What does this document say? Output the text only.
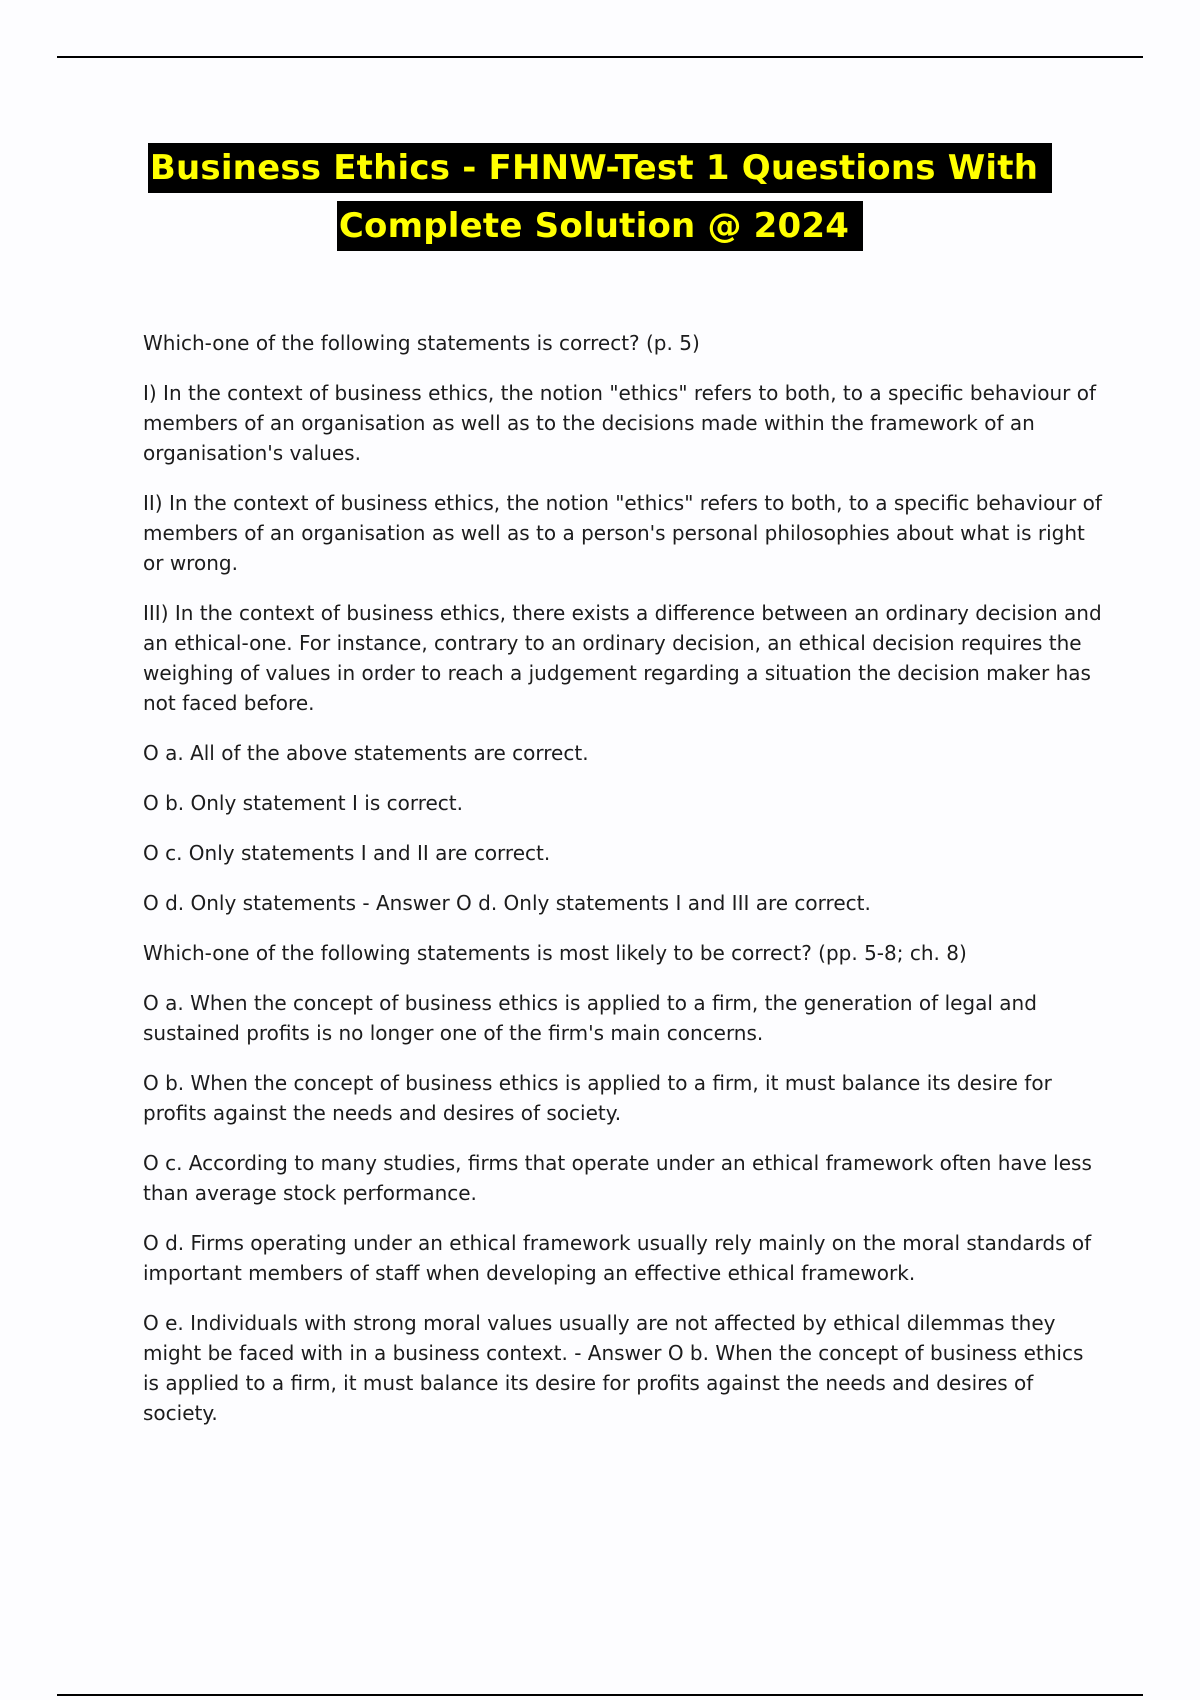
Business Ethics - FHNW-Test 1 Questions With
Complete Solution @ 2024

Which-one of the following statements is correct? (p. 5)

I) In the context of business ethics, the notion "ethics" refers to both, to a specific behaviour of members of an organisation as well as to the decisions made within the framework of an organisation's values.

II) In the context of business ethics, the notion "ethics" refers to both, to a specific behaviour of members of an organisation as well as to a person's personal philosophies about what is right or wrong.

III) In the context of business ethics, there exists a difference between an ordinary decision and an ethical-one. For instance, contrary to an ordinary decision, an ethical decision requires the weighing of values in order to reach a judgement regarding a situation the decision maker has not faced before.

O a. All of the above statements are correct.

O b. Only statement I is correct.

O c. Only statements I and II are correct.

O d. Only statements - Answer O d. Only statements I and III are correct.

Which-one of the following statements is most likely to be correct? (pp. 5-8; ch. 8)

O a. When the concept of business ethics is applied to a firm, the generation of legal and sustained profits is no longer one of the firm's main concerns.

O b. When the concept of business ethics is applied to a firm, it must balance its desire for profits against the needs and desires of society.

O c. According to many studies, firms that operate under an ethical framework often have less than average stock performance.

O d. Firms operating under an ethical framework usually rely mainly on the moral standards of important members of staff when developing an effective ethical framework.

O e. Individuals with strong moral values usually are not affected by ethical dilemmas they might be faced with in a business context. - Answer O b. When the concept of business ethics is applied to a firm, it must balance its desire for profits against the needs and desires of society.
